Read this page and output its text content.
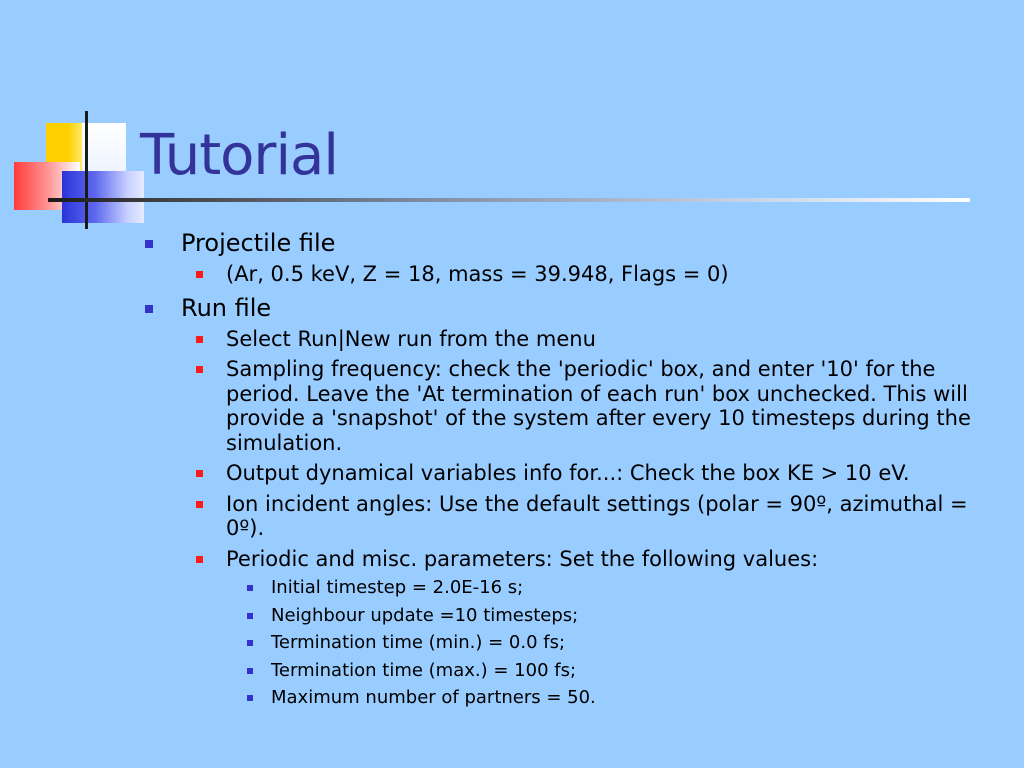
Tutorial
Projectile file
(Ar, 0.5 keV, Z = 18, mass = 39.948, Flags = 0)
Run file
Select Run|New run from the menu
Sampling frequency: check the 'periodic' box, and enter '10' for the period. Leave the 'At termination of each run' box unchecked. This will provide a 'snapshot' of the system after every 10 timesteps during the simulation.
Output dynamical variables info for...: Check the box KE > 10 eV.
Ion incident angles: Use the default settings (polar = 90º, azimuthal = 0º).
Periodic and misc. parameters: Set the following values:
Initial timestep = 2.0E-16 s;
Neighbour update =10 timesteps;
Termination time (min.) = 0.0 fs;
Termination time (max.) = 100 fs;
Maximum number of partners = 50.
